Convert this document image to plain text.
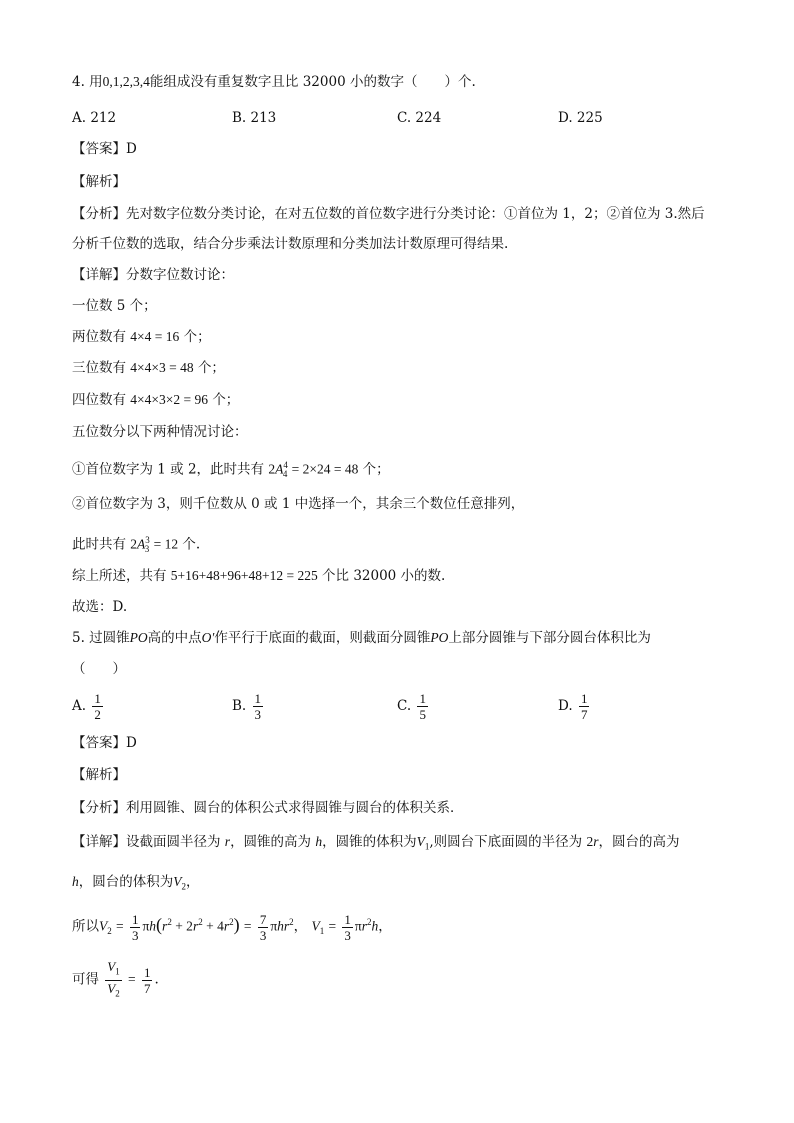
4. 用0,1,2,3,4能组成没有重复数字且比 32000 小的数字（　　）个.
A. 212	B. 213	C. 224	D. 225
【答案】D
【解析】
【分析】先对数字位数分类讨论，在对五位数的首位数字进行分类讨论：①首位为 1，2；②首位为 3.然后
分析千位数的选取，结合分步乘法计数原理和分类加法计数原理可得结果.
【详解】分数字位数讨论：
一位数 5 个；
两位数有 4×4 = 16 个；
三位数有 4×4×3 = 48 个；
四位数有 4×4×3×2 = 96 个；
五位数分以下两种情况讨论：
①首位数字为 1 或 2，此时共有 $2A^4_4 = 2\times 24 = 48$ 个；
②首位数字为 3，则千位数从 0 或 1 中选择一个，其余三个数位任意排列，
此时共有 $2A^3_3 = 12$ 个.
综上所述，共有 5+16+48+96+48+12 = 225 个比 32000 小的数.
故选：D.
5. 过圆锥PO高的中点O′作平行于底面的截面，则截面分圆锥PO上部分圆锥与下部分圆台体积比为
（　　）
A. $\frac{1}{2}$	B. $\frac{1}{3}$	C. $\frac{1}{5}$	D. $\frac{1}{7}$
【答案】D
【解析】
【分析】利用圆锥、圆台的体积公式求得圆锥与圆台的体积关系．
【详解】设截面圆半径为 r，圆锥的高为 h，圆锥的体积为$V_1$,则圆台下底面圆的半径为 2r，圆台的高为
h，圆台的体积为$V_2$，
所以$V_2 = \frac{1}{3} \pi h(r^2 + 2r^2 + 4r^2) = \frac{7}{3} \pi hr^2$， $V_1 = \frac{1}{3} \pi r^2h$，
可得 $\frac{V_1}{V_2} = \frac{1}{7}$ .
